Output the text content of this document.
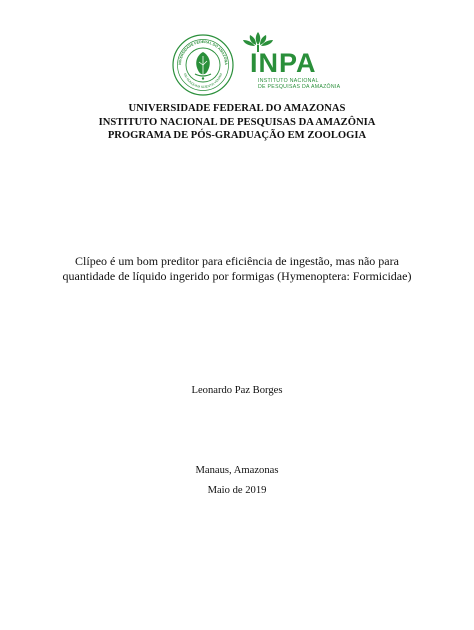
NIVERSIDADE FEDERAL DO AMAZONA
EM NUNQUAM SCIENTIA VENIAM INPA
INSTITUTO NACIONAL
DE PESQUISAS DA AMAZÔNIA
UNIVERSIDADE FEDERAL DO AMAZONAS
INSTITUTO NACIONAL DE PESQUISAS DA AMAZÔNIA
PROGRAMA DE PÓS-GRADUAÇÃO EM ZOOLOGIA
Clípeo é um bom preditor para eficiência de ingestão, mas não para
quantidade de líquido ingerido por formigas (Hymenoptera: Formicidae)
Leonardo Paz Borges
Manaus, Amazonas
Maio de 2019
